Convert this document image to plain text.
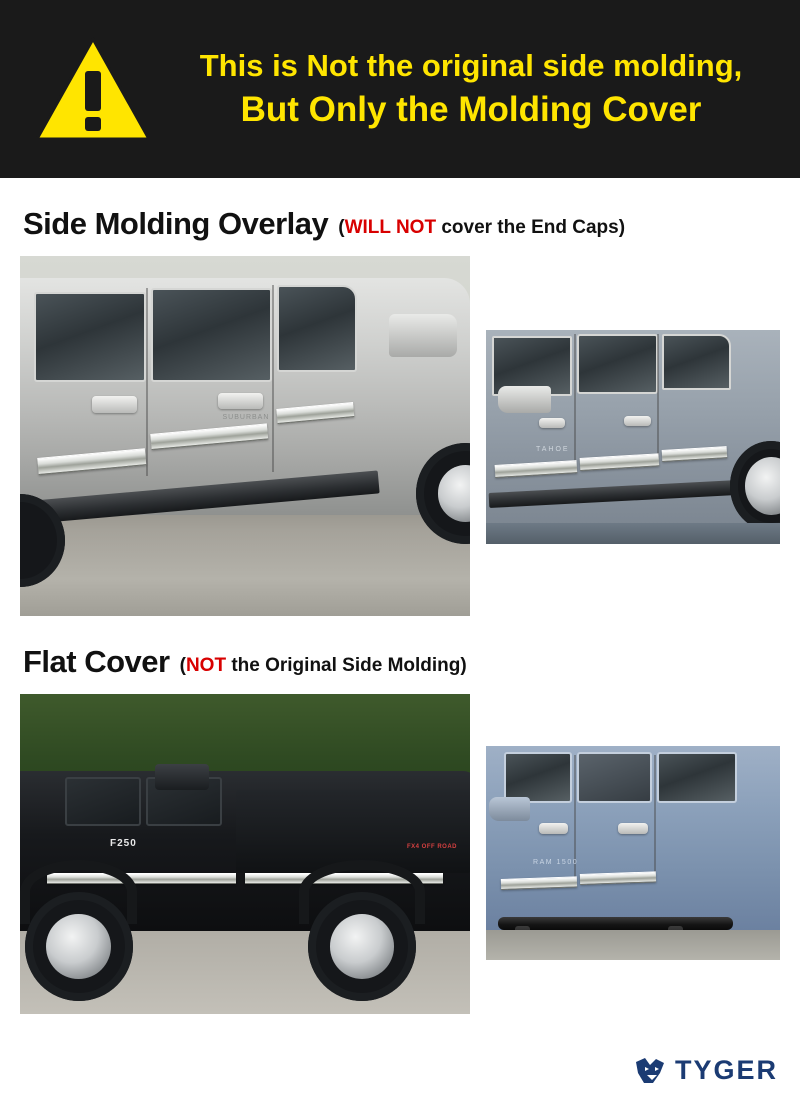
This is Not the original side molding,
But Only the Molding Cover
Side Molding Overlay (WILL NOT cover the End Caps)
SUBURBAN
TAHOE
Flat Cover (NOT the Original Side Molding)
F250	FX4 OFF ROAD
RAM 1500
TYGER
